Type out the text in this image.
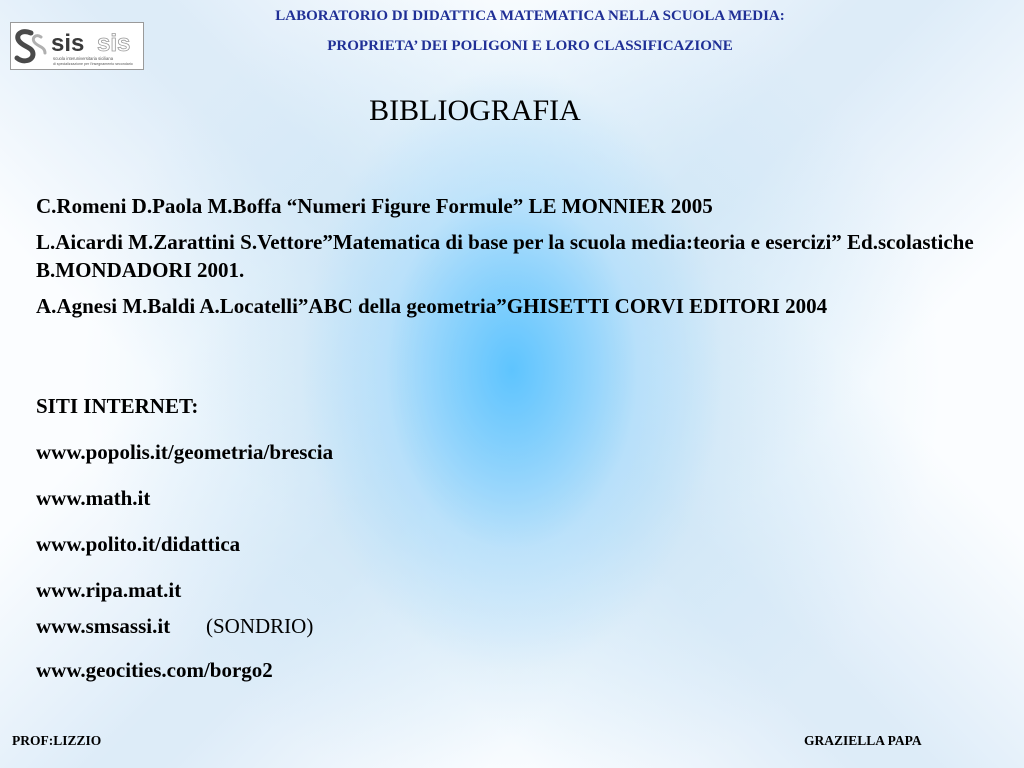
sis sis
scuola interuniversitaria siciliana
di specializzazione per l'insegnamento secondario

LABORATORIO DI DIDATTICA MATEMATICA NELLA SCUOLA MEDIA:

PROPRIETA’ DEI POLIGONI E LORO CLASSIFICAZIONE

BIBLIOGRAFIA
C.Romeni D.Paola M.Boffa “Numeri Figure Formule” LE MONNIER 2005
L.Aicardi M.Zarattini S.Vettore”Matematica di base per la scuola media:teoria e esercizi” Ed.scolastiche B.MONDADORI 2001.
A.Agnesi M.Baldi A.Locatelli”ABC della geometria”GHISETTI CORVI EDITORI 2004

SITI INTERNET:

www.popolis.it/geometria/brescia
www.math.it
www.polito.it/didattica
www.ripa.mat.it
www.smsassi.it (SONDRIO)
www.geocities.com/borgo2
PROF:LIZZIO	GRAZIELLA PAPA
